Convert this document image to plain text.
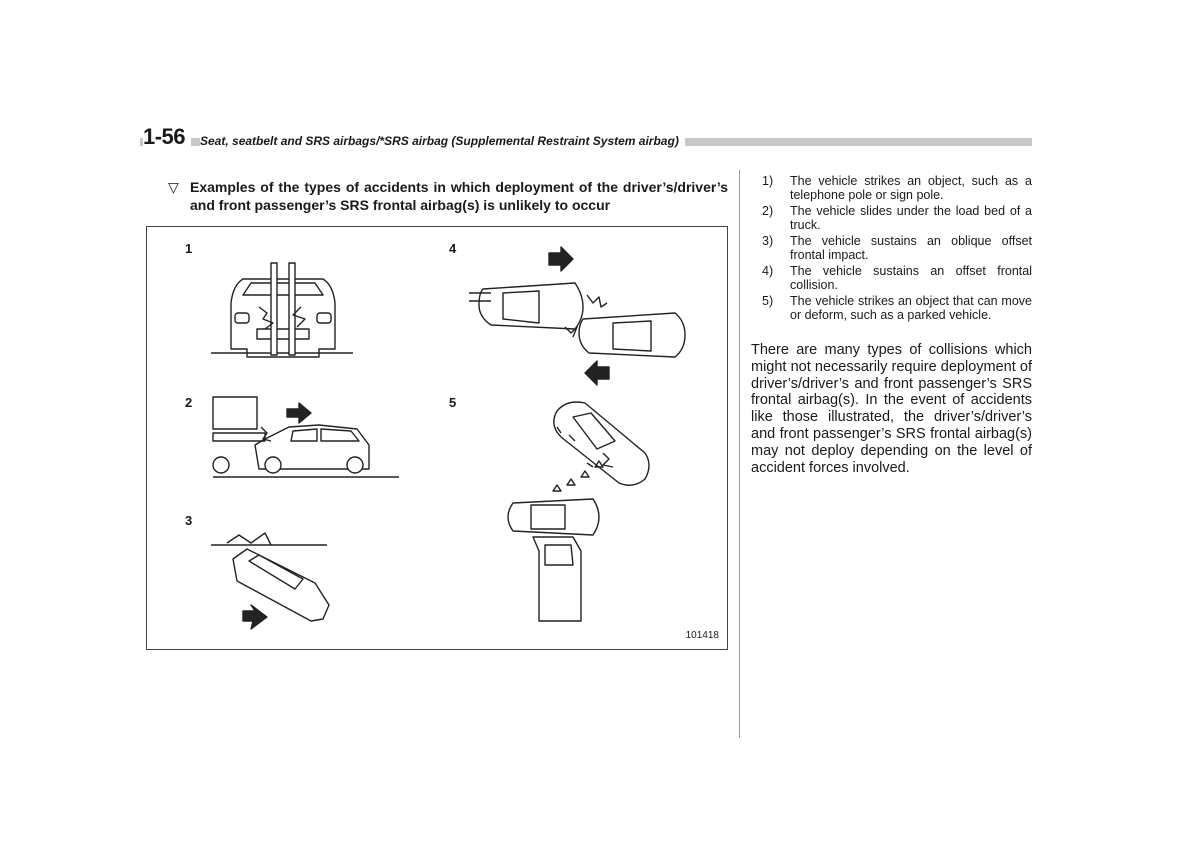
1-56	Seat, seatbelt and SRS airbags/*SRS airbag (Supplemental Restraint System airbag)
▽ Examples of the types of accidents in which deployment of the driver’s/driver’s and front passenger’s SRS frontal airbag(s) is unlikely to occur
1
2
3
4
5
101418
1) The vehicle strikes an object, such as a telephone pole or sign pole.
2) The vehicle slides under the load bed of a truck.
3) The vehicle sustains an oblique offset frontal impact.
4) The vehicle sustains an offset frontal collision.
5) The vehicle strikes an object that can move or deform, such as a parked vehicle.
There are many types of collisions which might not necessarily require deployment of driver’s/driver’s and front passenger’s SRS frontal airbag(s). In the event of accidents like those illustrated, the driver’s/driver’s and front passenger’s SRS frontal airbag(s) may not deploy depending on the level of accident forces involved.
